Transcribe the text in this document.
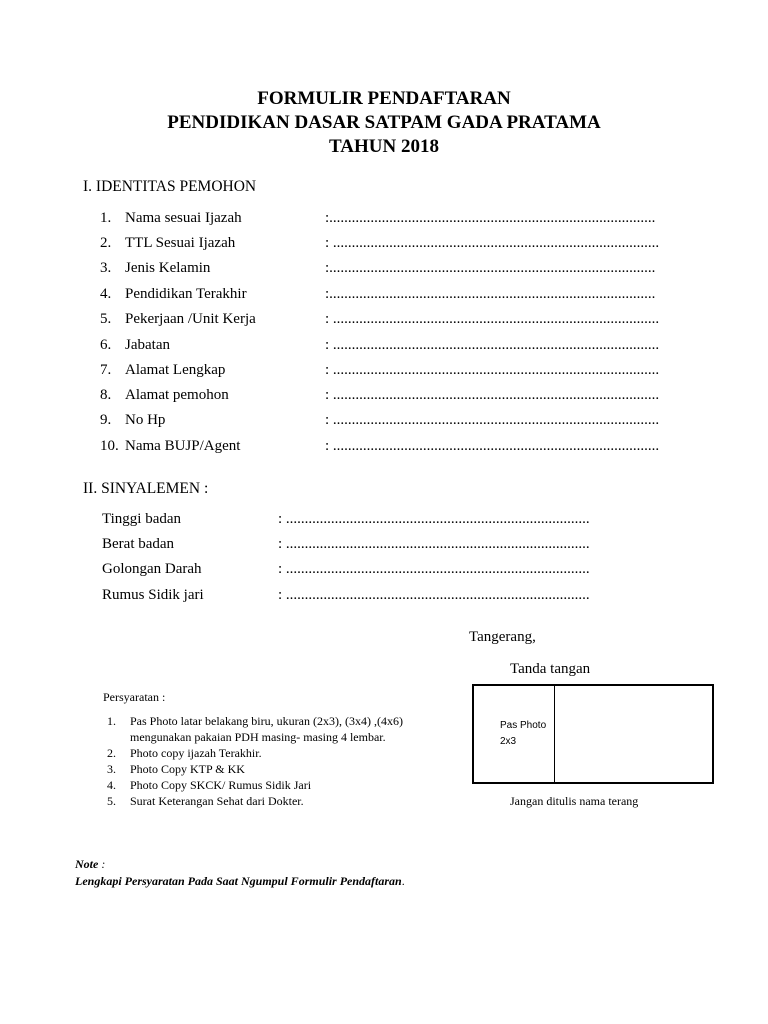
FORMULIR PENDAFTARAN
PENDIDIKAN DASAR SATPAM GADA PRATAMA
TAHUN 2018
I. IDENTITAS PEMOHON
1. Nama sesuai Ijazah	:.......................................................................................
2. TTL Sesuai Ijazah	: .......................................................................................
3. Jenis Kelamin	:.......................................................................................
4. Pendidikan Terakhir	:.......................................................................................
5. Pekerjaan /Unit Kerja	: .......................................................................................
6. Jabatan	: .......................................................................................
7. Alamat Lengkap	: .......................................................................................
8. Alamat pemohon	: .......................................................................................
9. No Hp	: .......................................................................................
10. Nama BUJP/Agent	: .......................................................................................
II. SINYALEMEN :
Tinggi badan	: .................................................................................
Berat badan	: .................................................................................
Golongan Darah	: .................................................................................
Rumus Sidik jari	: .................................................................................
Tangerang,
Tanda tangan
Pas Photo
2x3
Jangan ditulis nama terang
Persyaratan :
1. Pas Photo latar belakang biru, ukuran (2x3), (3x4) ,(4x6)
mengunakan pakaian PDH masing- masing 4 lembar.
2. Photo copy ijazah Terakhir.
3. Photo Copy KTP & KK
4. Photo Copy SKCK/ Rumus Sidik Jari
5. Surat Keterangan Sehat dari Dokter.
Note :
Lengkapi Persyaratan Pada Saat Ngumpul Formulir Pendaftaran.
